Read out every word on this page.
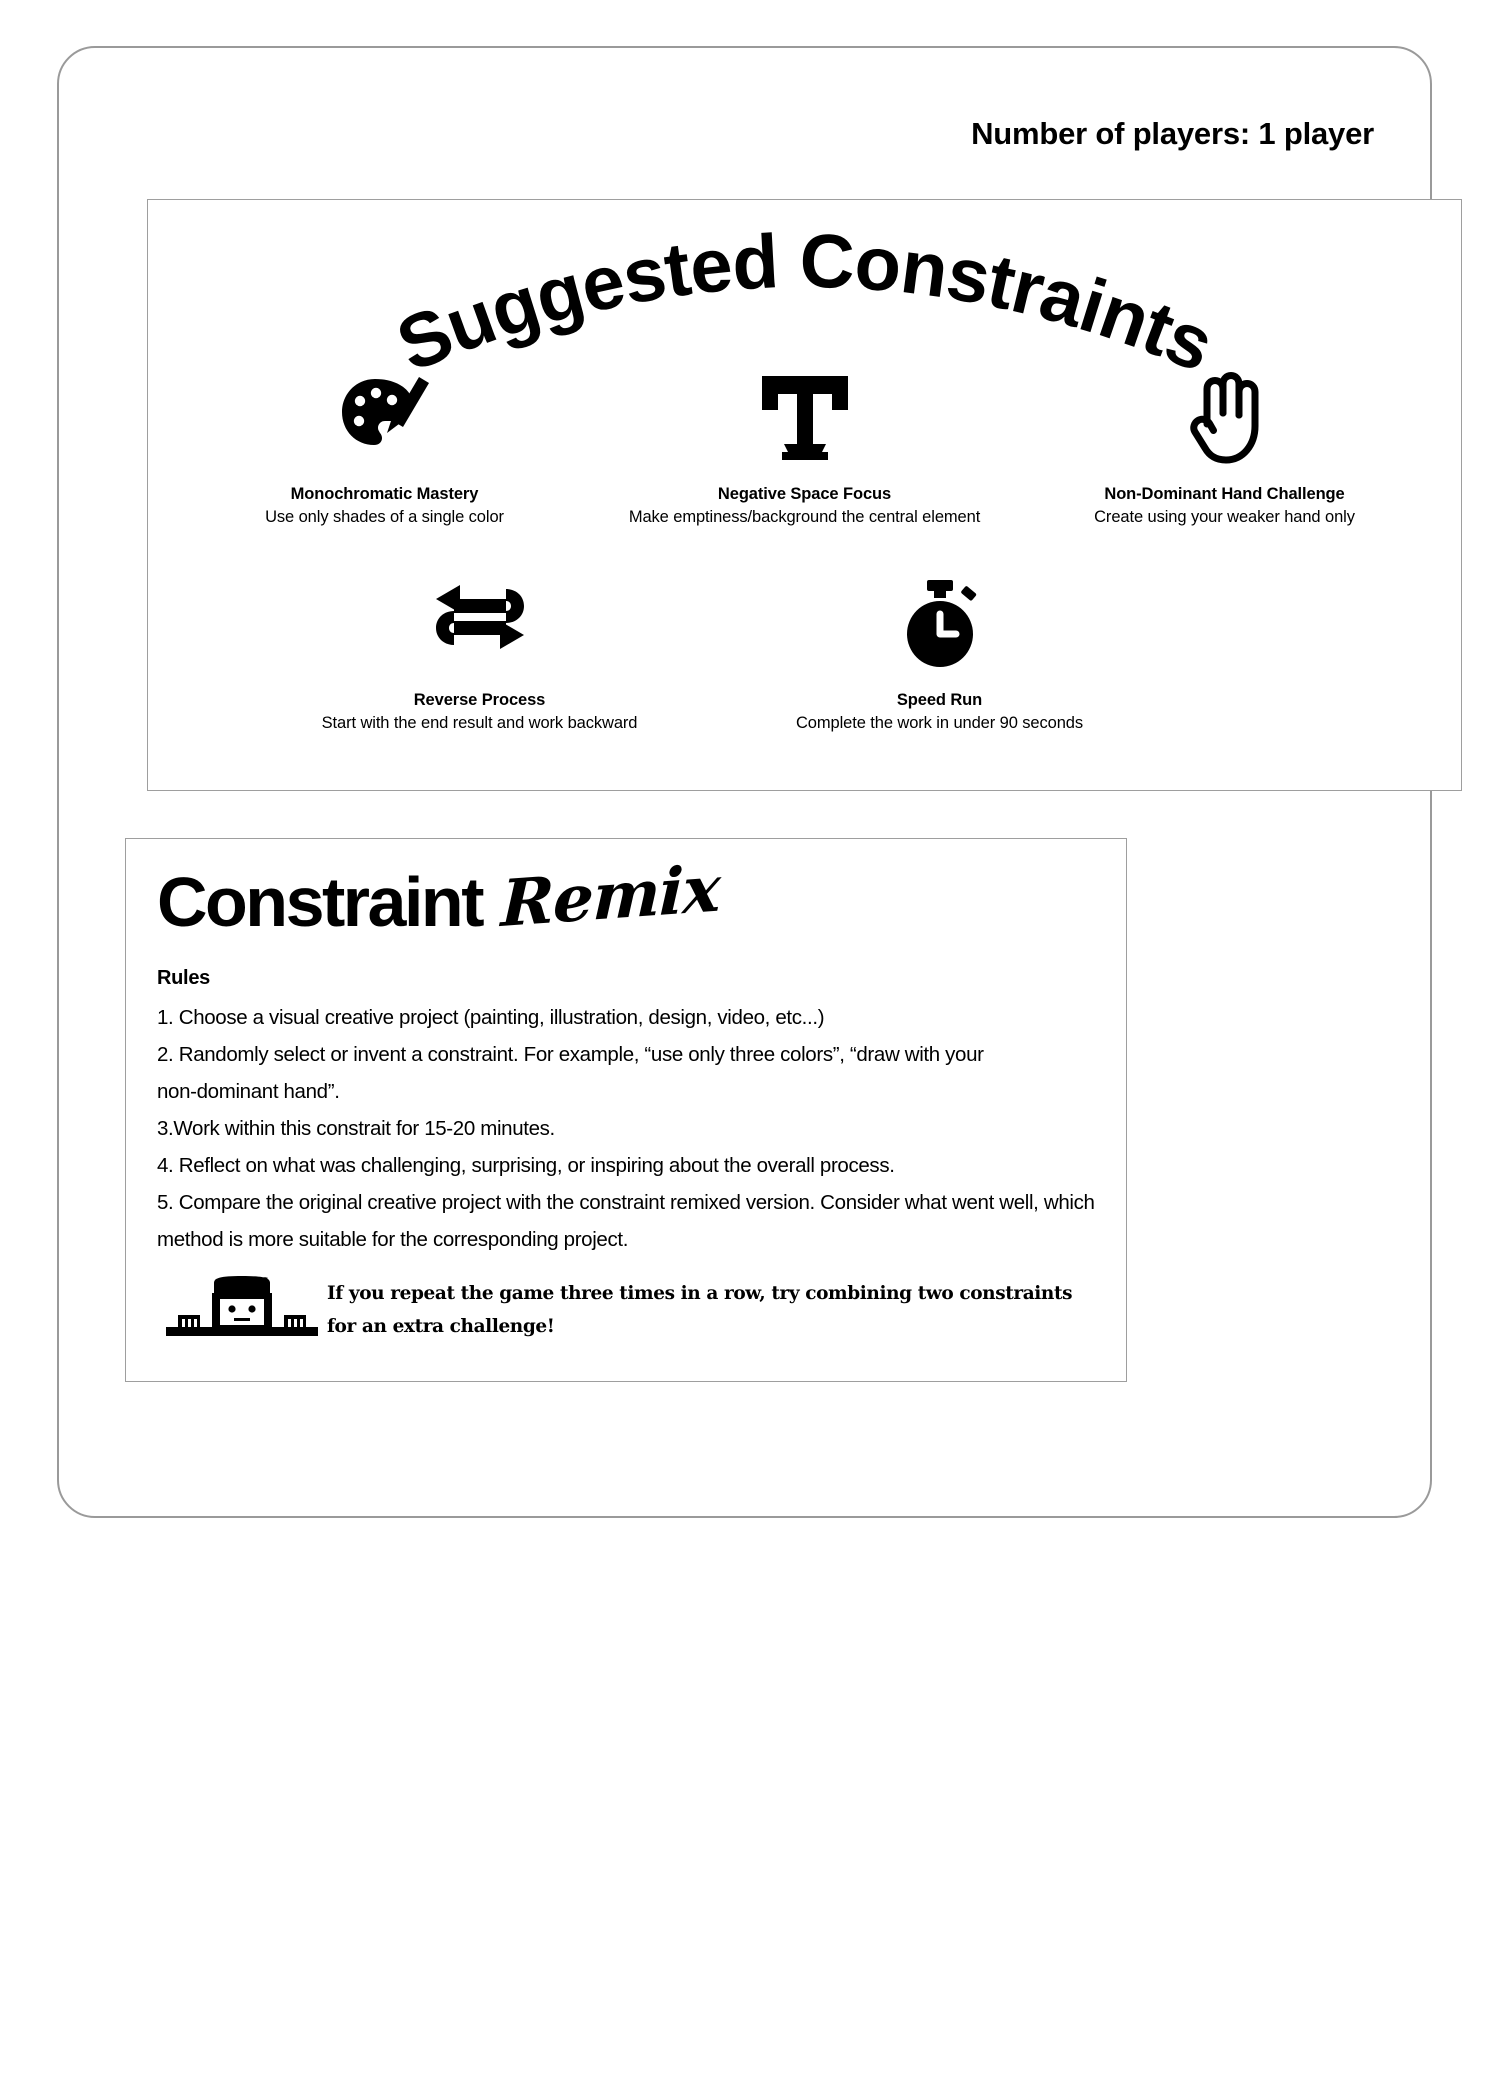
Number of players: 1 player
Suggested Constraints
Monochromatic Mastery
Use only shades of a single color
Negative Space Focus
Make emptiness/background the central element
Non-Dominant Hand Challenge
Create using your weaker hand only
Reverse Process
Start with the end result and work backward
Speed Run
Complete the work in under 90 seconds
Constraint Remix
Rules
1. Choose a visual creative project (painting, illustration, design, video, etc...)
2. Randomly select or invent a constraint. For example, “use only three colors”, “draw with your
non-dominant hand”.
3.Work within this constrait for 15-20 minutes.
4. Reflect on what was challenging, surprising, or inspiring about the overall process.
5. Compare the original creative project with the constraint remixed version. Consider what went well, which
method is more suitable for the corresponding project.
If you repeat the game three times in a row, try combining two constraints for an extra challenge!
